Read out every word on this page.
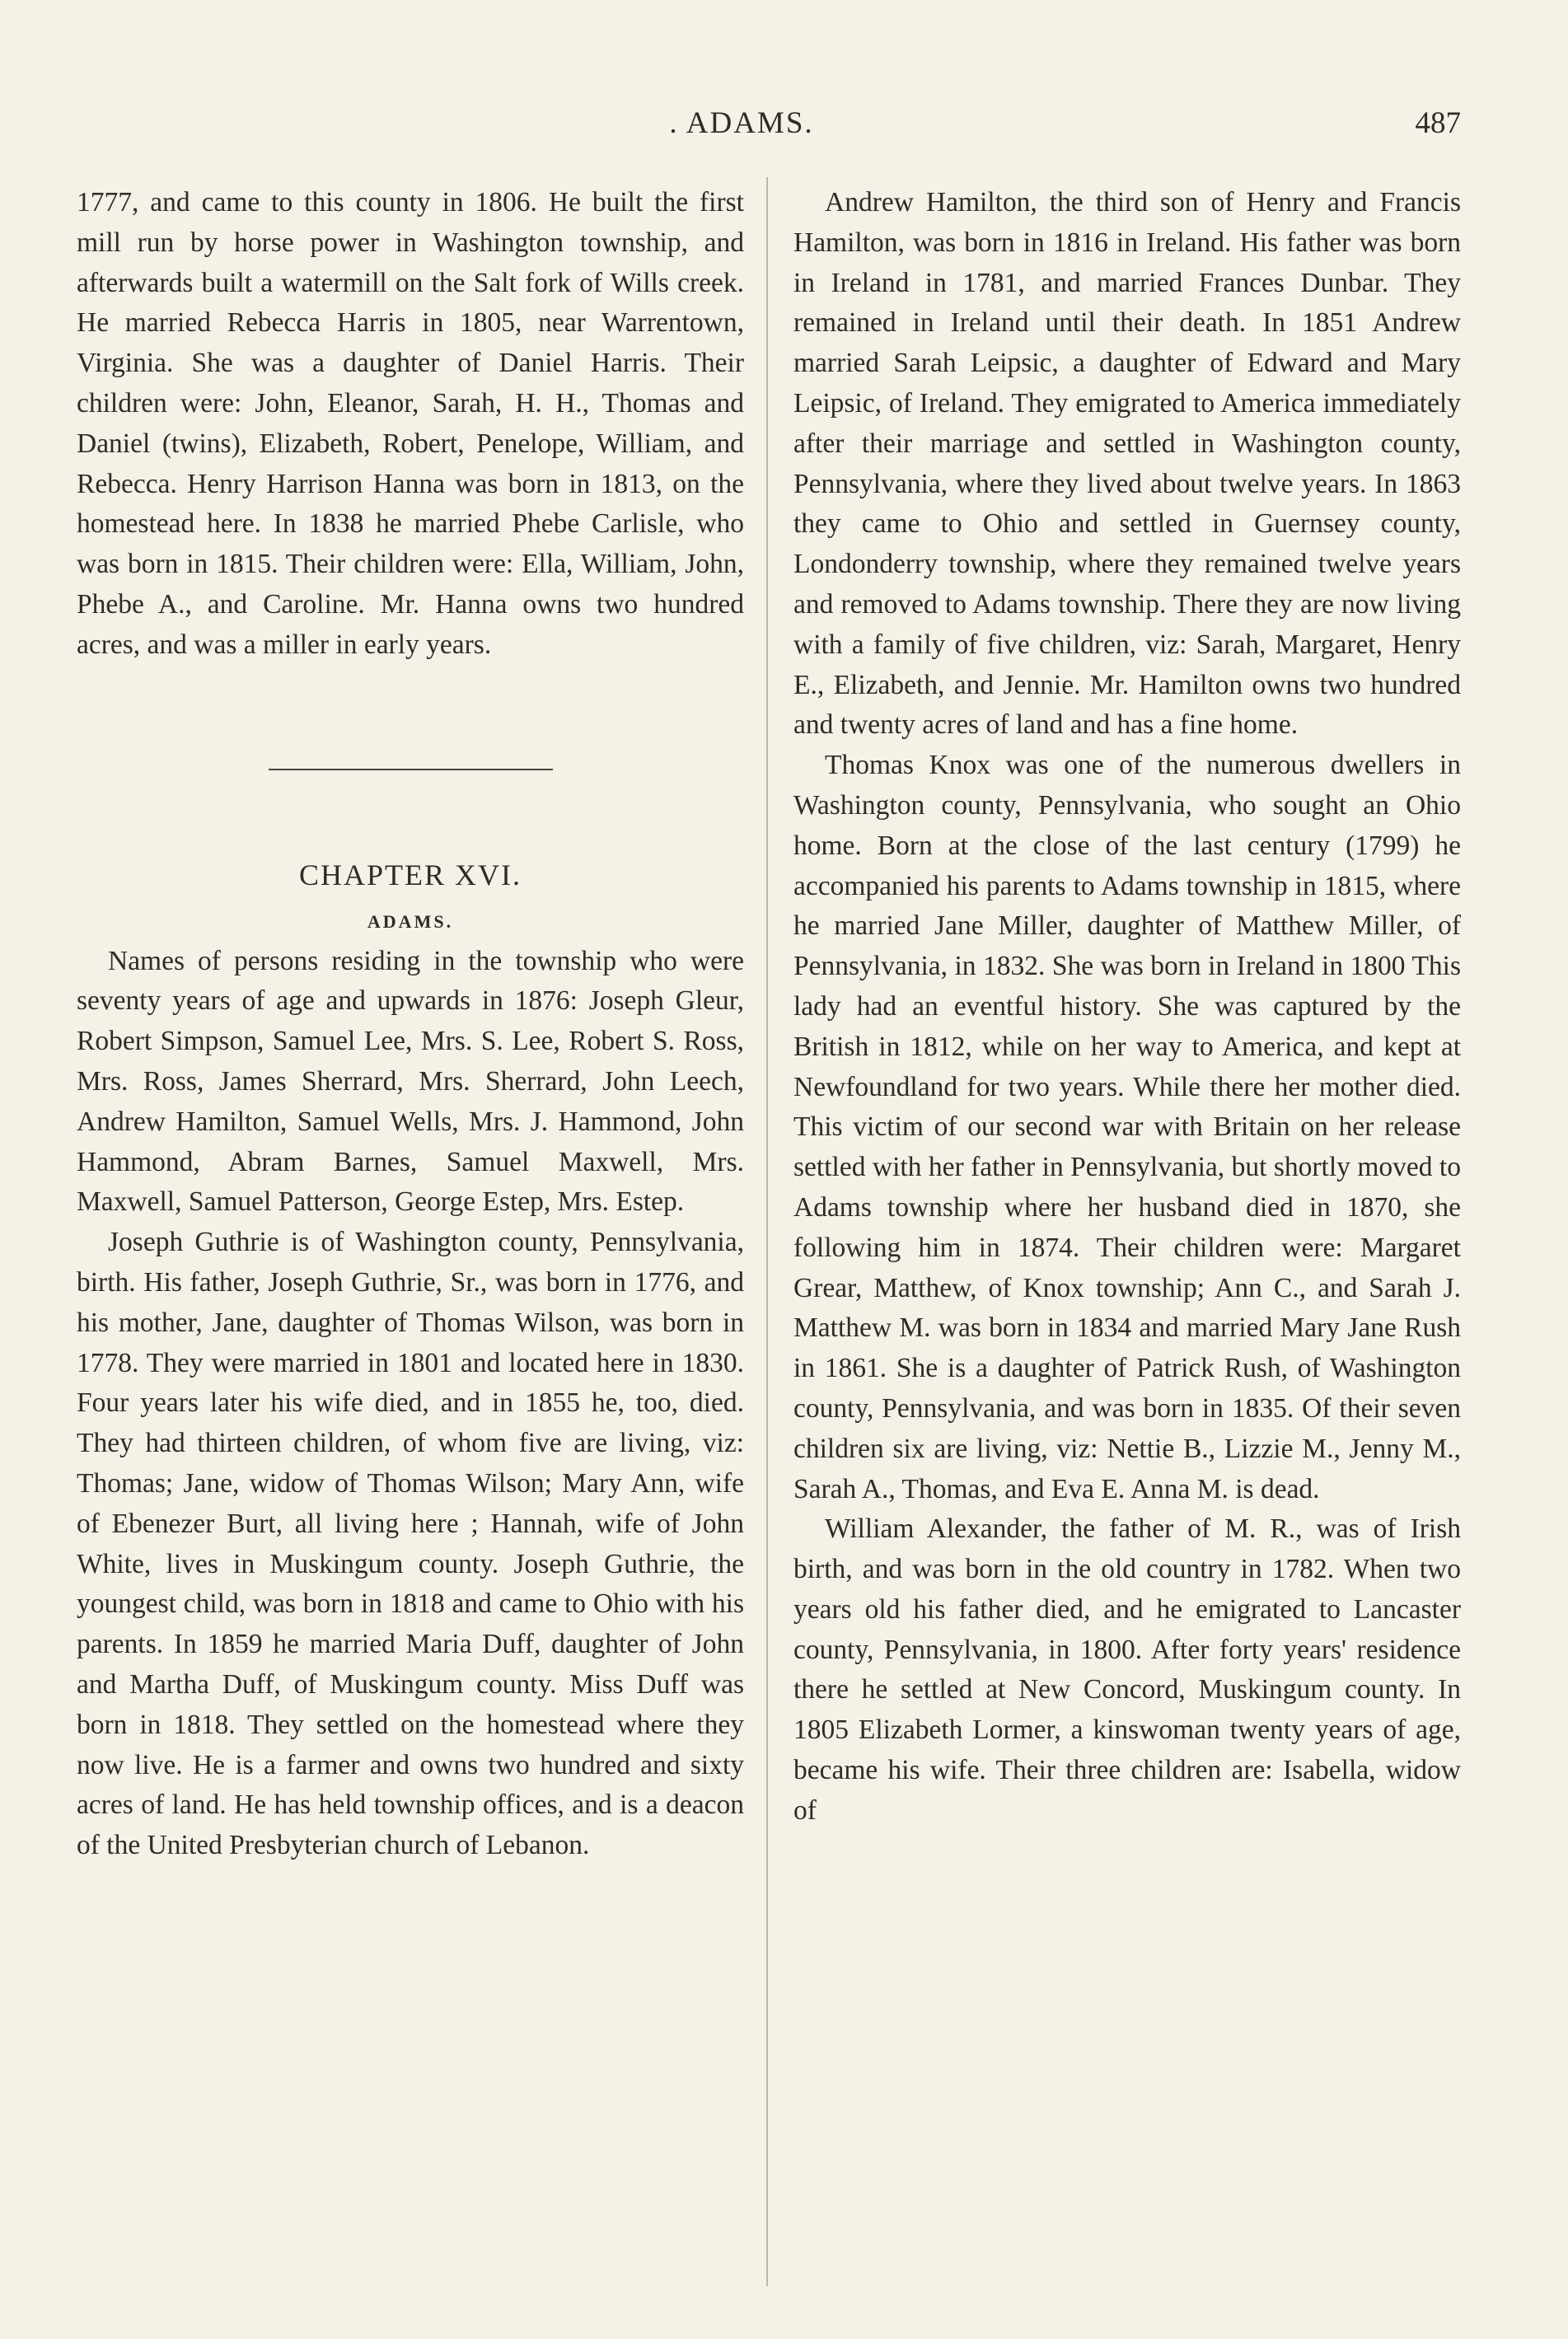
. ADAMS.	487

1777, and came to this county in 1806. He built the first mill run by horse power in Washington township, and afterwards built a watermill on the Salt fork of Wills creek. He married Rebecca Harris in 1805, near Warrentown, Virginia. She was a daughter of Daniel Harris. Their children were: John, Eleanor, Sarah, H. H., Thomas and Daniel (twins), Elizabeth, Robert, Penelope, William, and Rebecca. Henry Harrison Hanna was born in 1813, on the homestead here. In 1838 he married Phebe Carlisle, who was born in 1815. Their children were: Ella, William, John, Phebe A., and Caroline. Mr. Hanna owns two hundred acres, and was a miller in early years.

CHAPTER XVI.
ADAMS.

Names of persons residing in the township who were seventy years of age and upwards in 1876: Joseph Gleur, Robert Simpson, Samuel Lee, Mrs. S. Lee, Robert S. Ross, Mrs. Ross, James Sherrard, Mrs. Sherrard, John Leech, Andrew Hamilton, Samuel Wells, Mrs. J. Hammond, John Hammond, Abram Barnes, Samuel Maxwell, Mrs. Maxwell, Samuel Patterson, George Estep, Mrs. Estep.

Joseph Guthrie is of Washington county, Pennsylvania, birth. His father, Joseph Guthrie, Sr., was born in 1776, and his mother, Jane, daughter of Thomas Wilson, was born in 1778. They were married in 1801 and located here in 1830. Four years later his wife died, and in 1855 he, too, died. They had thirteen children, of whom five are living, viz: Thomas; Jane, widow of Thomas Wilson; Mary Ann, wife of Ebenezer Burt, all living here ; Hannah, wife of John White, lives in Muskingum county. Joseph Guthrie, the youngest child, was born in 1818 and came to Ohio with his parents. In 1859 he married Maria Duff, daughter of John and Martha Duff, of Muskingum county. Miss Duff was born in 1818. They settled on the homestead where they now live. He is a farmer and owns two hundred and sixty acres of land. He has held township offices, and is a deacon of the United Presbyterian church of Lebanon.

Andrew Hamilton, the third son of Henry and Francis Hamilton, was born in 1816 in Ireland. His father was born in Ireland in 1781, and married Frances Dunbar. They remained in Ireland until their death. In 1851 Andrew married Sarah Leipsic, a daughter of Edward and Mary Leipsic, of Ireland. They emigrated to America immediately after their marriage and settled in Washington county, Pennsylvania, where they lived about twelve years. In 1863 they came to Ohio and settled in Guernsey county, Londonderry township, where they remained twelve years and removed to Adams township. There they are now living with a family of five children, viz: Sarah, Margaret, Henry E., Elizabeth, and Jennie. Mr. Hamilton owns two hundred and twenty acres of land and has a fine home.

Thomas Knox was one of the numerous dwellers in Washington county, Pennsylvania, who sought an Ohio home. Born at the close of the last century (1799) he accompanied his parents to Adams township in 1815, where he married Jane Miller, daughter of Matthew Miller, of Pennsylvania, in 1832. She was born in Ireland in 1800 This lady had an eventful history. She was captured by the British in 1812, while on her way to America, and kept at Newfoundland for two years. While there her mother died. This victim of our second war with Britain on her release settled with her father in Pennsylvania, but shortly moved to Adams township where her husband died in 1870, she following him in 1874. Their children were: Margaret Grear, Matthew, of Knox township; Ann C., and Sarah J. Matthew M. was born in 1834 and married Mary Jane Rush in 1861. She is a daughter of Patrick Rush, of Washington county, Pennsylvania, and was born in 1835. Of their seven children six are living, viz: Nettie B., Lizzie M., Jenny M., Sarah A., Thomas, and Eva E. Anna M. is dead.

William Alexander, the father of M. R., was of Irish birth, and was born in the old country in 1782. When two years old his father died, and he emigrated to Lancaster county, Pennsylvania, in 1800. After forty years' residence there he settled at New Concord, Muskingum county. In 1805 Elizabeth Lormer, a kinswoman twenty years of age, became his wife. Their three children are: Isabella, widow of
